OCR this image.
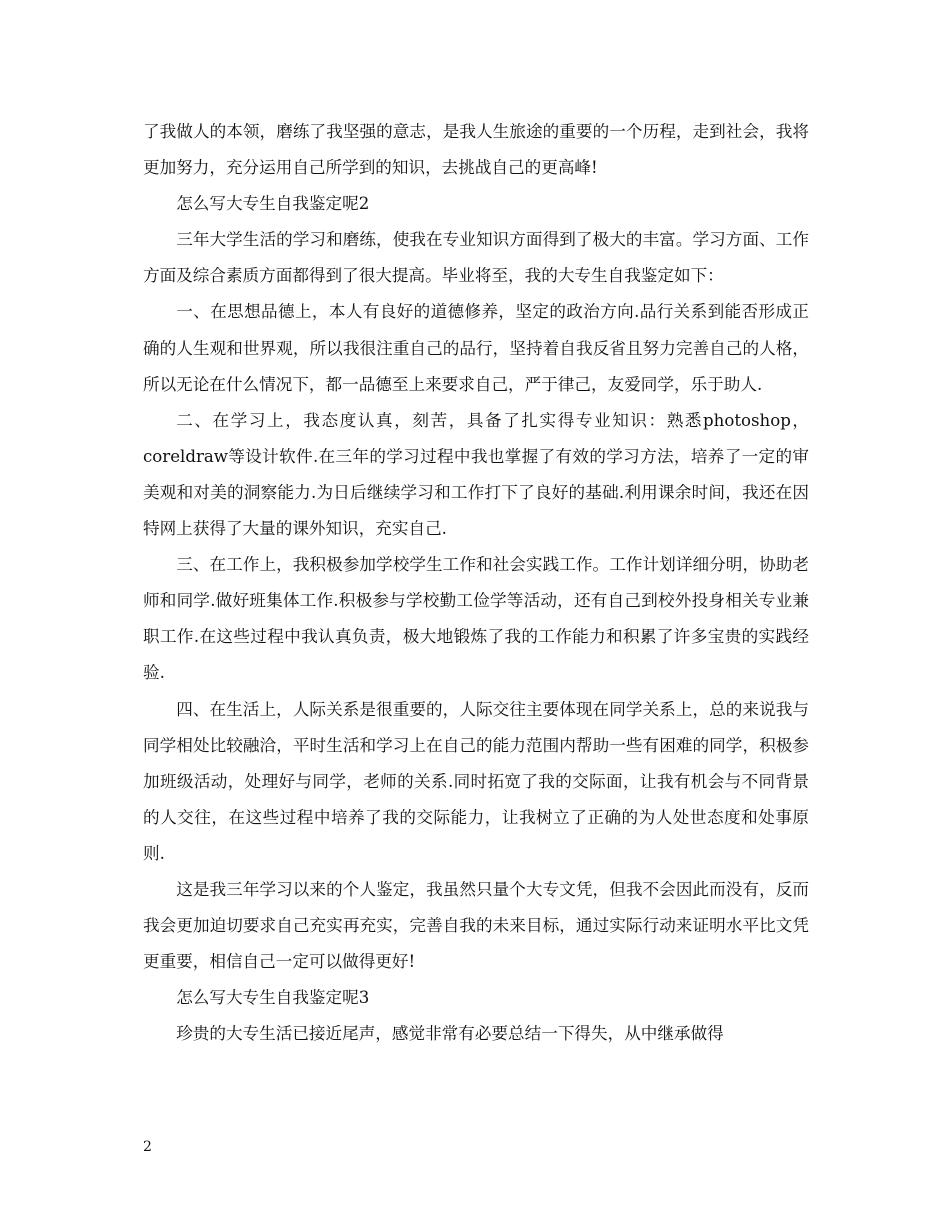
了我做人的本领，磨练了我坚强的意志，是我人生旅途的重要的一个历程，走到社会，我将更加努力，充分运用自己所学到的知识，去挑战自己的更高峰!

怎么写大专生自我鉴定呢2

三年大学生活的学习和磨练，使我在专业知识方面得到了极大的丰富。学习方面、工作方面及综合素质方面都得到了很大提高。毕业将至，我的大专生自我鉴定如下：

一、在思想品德上，本人有良好的道德修养，坚定的政治方向.品行关系到能否形成正确的人生观和世界观，所以我很注重自己的品行，坚持着自我反省且努力完善自己的人格，所以无论在什么情况下，都一品德至上来要求自己，严于律己，友爱同学，乐于助人.

二、在学习上，我态度认真，刻苦，具备了扎实得专业知识：熟悉photoshop，coreldraw等设计软件.在三年的学习过程中我也掌握了有效的学习方法，培养了一定的审美观和对美的洞察能力.为日后继续学习和工作打下了良好的基础.利用课余时间，我还在因特网上获得了大量的课外知识，充实自己.

三、在工作上，我积极参加学校学生工作和社会实践工作。工作计划详细分明，协助老师和同学.做好班集体工作.积极参与学校勤工俭学等活动，还有自己到校外投身相关专业兼职工作.在这些过程中我认真负责，极大地锻炼了我的工作能力和积累了许多宝贵的实践经验.

四、在生活上，人际关系是很重要的，人际交往主要体现在同学关系上，总的来说我与同学相处比较融洽，平时生活和学习上在自己的能力范围内帮助一些有困难的同学，积极参加班级活动，处理好与同学，老师的关系.同时拓宽了我的交际面，让我有机会与不同背景的人交往，在这些过程中培养了我的交际能力，让我树立了正确的为人处世态度和处事原则.

这是我三年学习以来的个人鉴定，我虽然只量个大专文凭，但我不会因此而没有，反而我会更加迫切要求自己充实再充实，完善自我的未来目标，通过实际行动来证明水平比文凭更重要，相信自己一定可以做得更好!

怎么写大专生自我鉴定呢3

珍贵的大专生活已接近尾声，感觉非常有必要总结一下得失，从中继承做得

2
